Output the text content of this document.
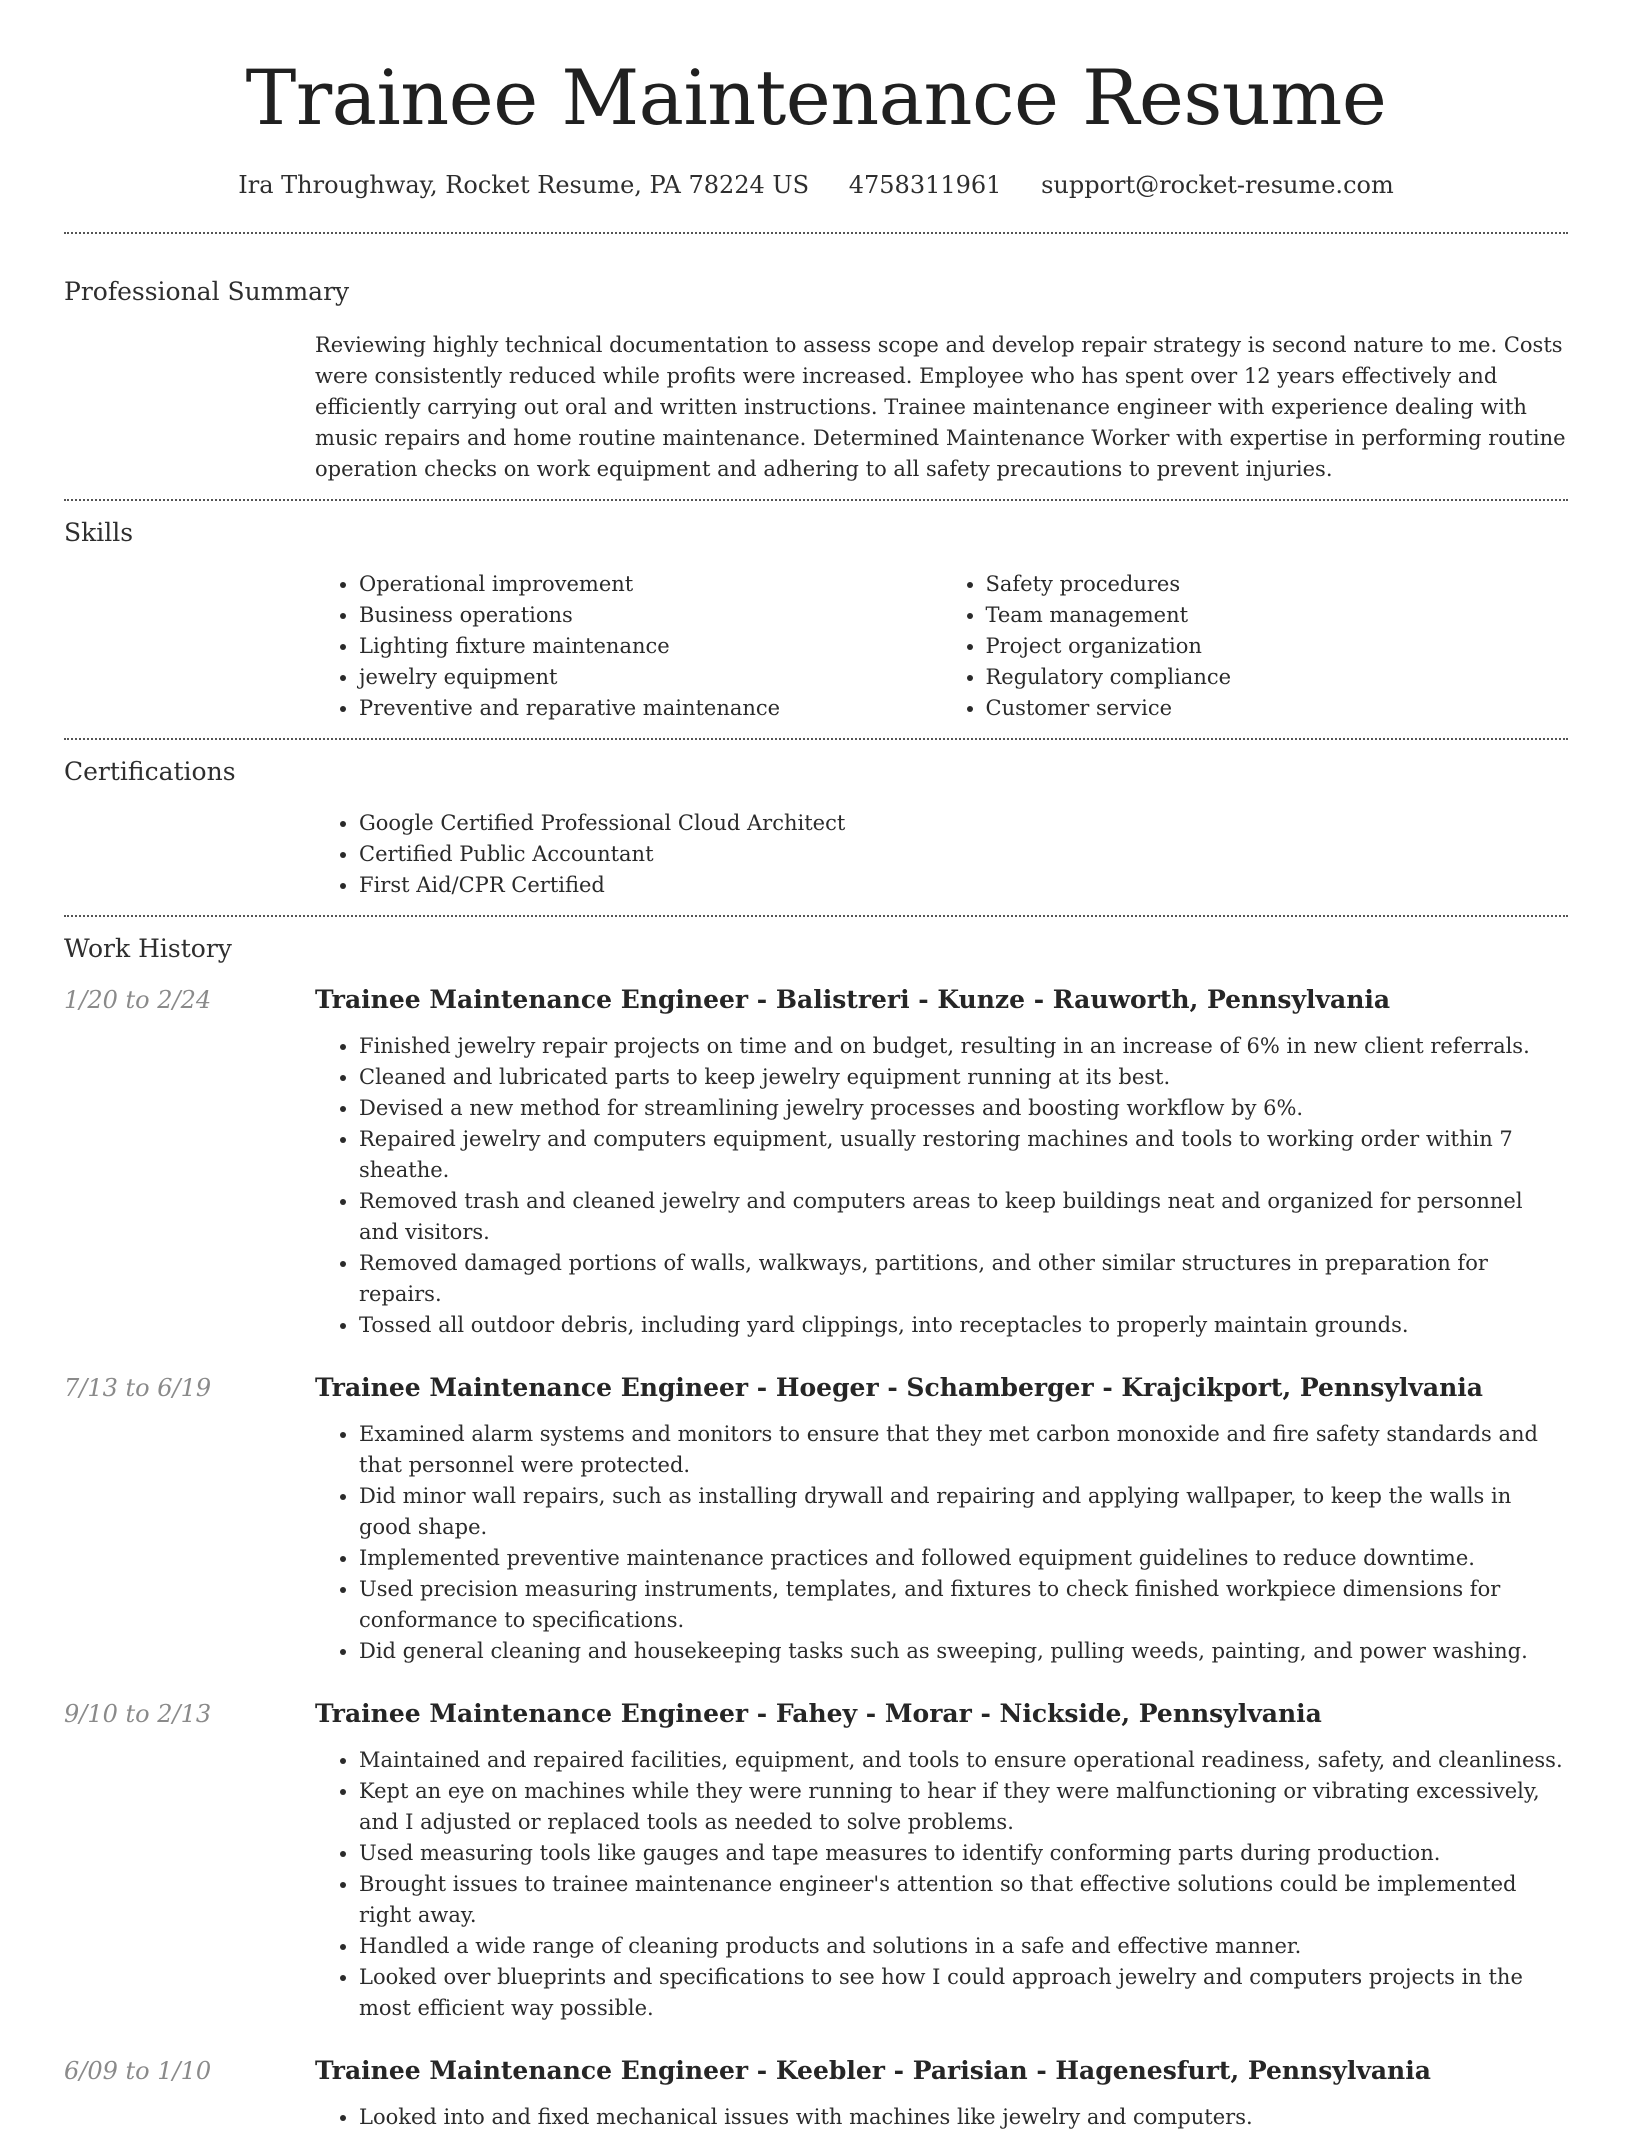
Trainee Maintenance Resume
Ira Throughway, Rocket Resume, PA 78224 US 4758311961 support@rocket-resume.com
Professional Summary
Reviewing highly technical documentation to assess scope and develop repair strategy is second nature to me. Costs were consistently reduced while profits were increased. Employee who has spent over 12 years effectively and efficiently carrying out oral and written instructions. Trainee maintenance engineer with experience dealing with music repairs and home routine maintenance. Determined Maintenance Worker with expertise in performing routine operation checks on work equipment and adhering to all safety precautions to prevent injuries.
Skills
• Operational improvement
• Business operations
• Lighting fixture maintenance
• jewelry equipment
• Preventive and reparative maintenance
• Safety procedures
• Team management
• Project organization
• Regulatory compliance
• Customer service
Certifications
• Google Certified Professional Cloud Architect
• Certified Public Accountant
• First Aid/CPR Certified
Work History
1/20 to 2/24	Trainee Maintenance Engineer - Balistreri - Kunze - Rauworth, Pennsylvania
• Finished jewelry repair projects on time and on budget, resulting in an increase of 6% in new client referrals.
• Cleaned and lubricated parts to keep jewelry equipment running at its best.
• Devised a new method for streamlining jewelry processes and boosting workflow by 6%.
• Repaired jewelry and computers equipment, usually restoring machines and tools to working order within 7 sheathe.
• Removed trash and cleaned jewelry and computers areas to keep buildings neat and organized for personnel and visitors.
• Removed damaged portions of walls, walkways, partitions, and other similar structures in preparation for repairs.
• Tossed all outdoor debris, including yard clippings, into receptacles to properly maintain grounds.
7/13 to 6/19	Trainee Maintenance Engineer - Hoeger - Schamberger - Krajcikport, Pennsylvania
• Examined alarm systems and monitors to ensure that they met carbon monoxide and fire safety standards and that personnel were protected.
• Did minor wall repairs, such as installing drywall and repairing and applying wallpaper, to keep the walls in good shape.
• Implemented preventive maintenance practices and followed equipment guidelines to reduce downtime.
• Used precision measuring instruments, templates, and fixtures to check finished workpiece dimensions for conformance to specifications.
• Did general cleaning and housekeeping tasks such as sweeping, pulling weeds, painting, and power washing.
9/10 to 2/13	Trainee Maintenance Engineer - Fahey - Morar - Nickside, Pennsylvania
• Maintained and repaired facilities, equipment, and tools to ensure operational readiness, safety, and cleanliness.
• Kept an eye on machines while they were running to hear if they were malfunctioning or vibrating excessively, and I adjusted or replaced tools as needed to solve problems.
• Used measuring tools like gauges and tape measures to identify conforming parts during production.
• Brought issues to trainee maintenance engineer's attention so that effective solutions could be implemented right away.
• Handled a wide range of cleaning products and solutions in a safe and effective manner.
• Looked over blueprints and specifications to see how I could approach jewelry and computers projects in the most efficient way possible.
6/09 to 1/10	Trainee Maintenance Engineer - Keebler - Parisian - Hagenesfurt, Pennsylvania
• Looked into and fixed mechanical issues with machines like jewelry and computers.
